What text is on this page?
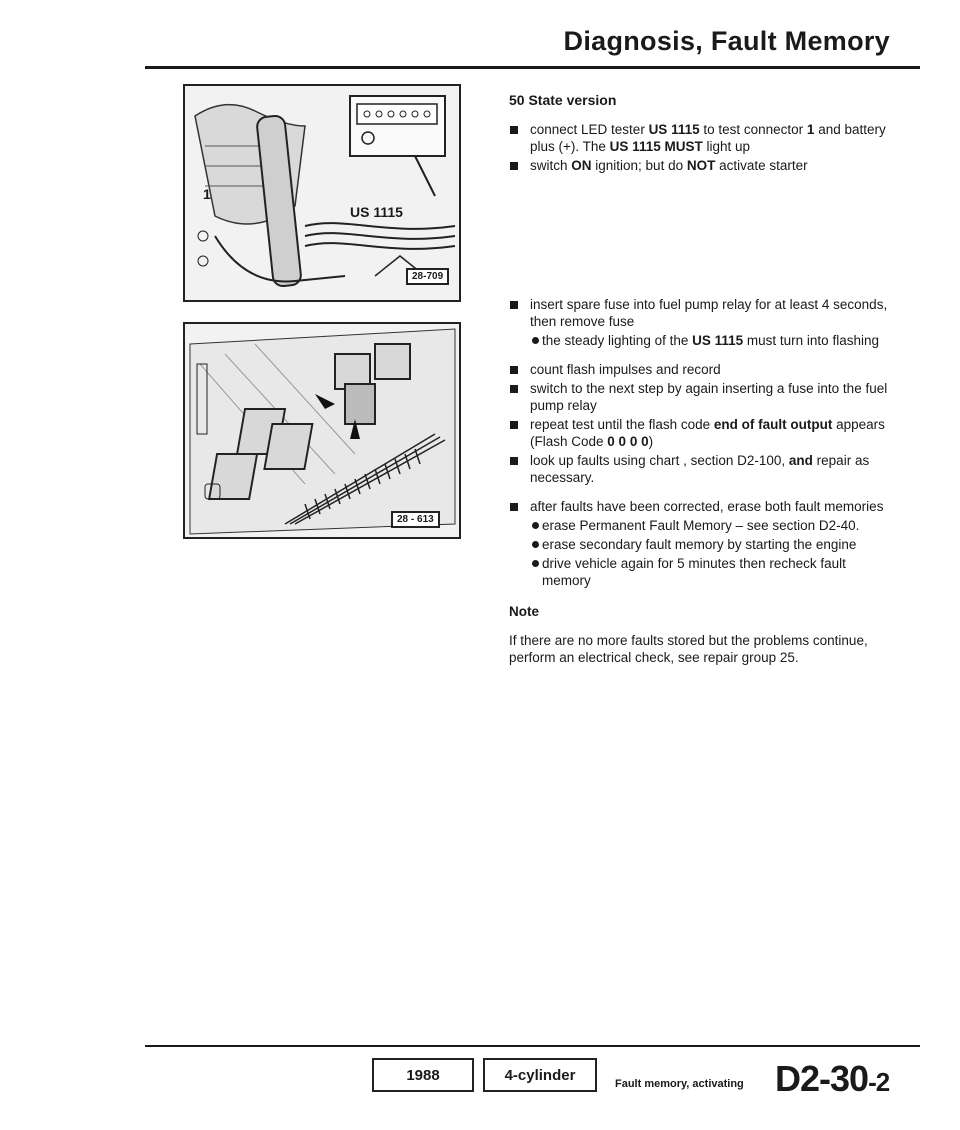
Diagnosis, Fault Memory
US 1115
1
28-709
28 - 613
50 State version
connect LED tester US 1115 to test connector 1 and battery plus (+). The US 1115 MUST light up
switch ON ignition; but do NOT activate starter
insert spare fuse into fuel pump relay for at least 4 seconds, then remove fuse
the steady lighting of the US 1115 must turn into flashing
count flash impulses and record
switch to the next step by again inserting a fuse into the fuel pump relay
repeat test until the flash code end of fault output appears (Flash Code 0 0 0 0)
look up faults using chart , section D2-100, and repair as necessary.
after faults have been corrected, erase both fault memories
erase Permanent Fault Memory – see section D2-40.
erase secondary fault memory by starting the engine
drive vehicle again for 5 minutes then recheck fault memory
Note
If there are no more faults stored but the problems continue, perform an electrical check, see repair group 25.
1988	4-cylinder
Fault memory, activating D2-30-2
